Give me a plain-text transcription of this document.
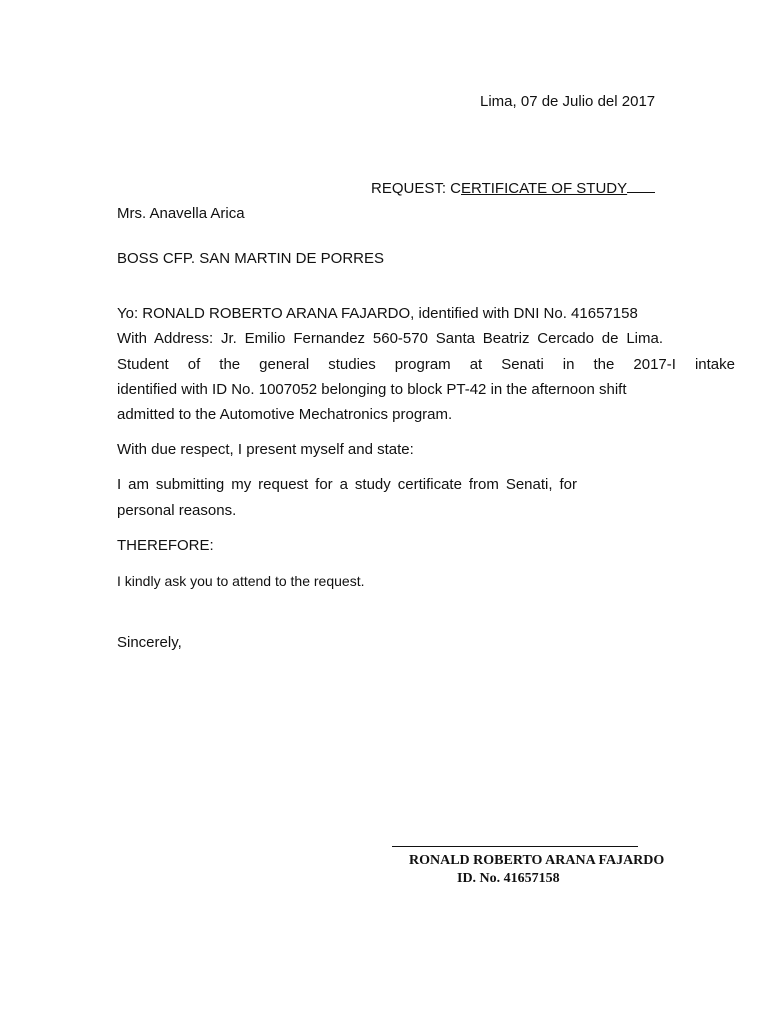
Lima, 07 de Julio del 2017

REQUEST: CERTIFICATE OF STUDY

Mrs. Anavella Arica

BOSS CFP. SAN MARTIN DE PORRES

Yo: RONALD ROBERTO ARANA FAJARDO, identified with DNI No. 41657158

With Address: Jr. Emilio Fernandez 560-570 Santa Beatriz Cercado de Lima.

Student of the general studies program at Senati in the 2017-I intake

identified with ID No. 1007052 belonging to block PT-42 in the afternoon shift

admitted to the Automotive Mechatronics program.

With due respect, I present myself and state:

I am submitting my request for a study certificate from Senati, for

personal reasons.

THEREFORE:

I kindly ask you to attend to the request.

Sincerely,

RONALD ROBERTO ARANA FAJARDO
ID. No. 41657158
